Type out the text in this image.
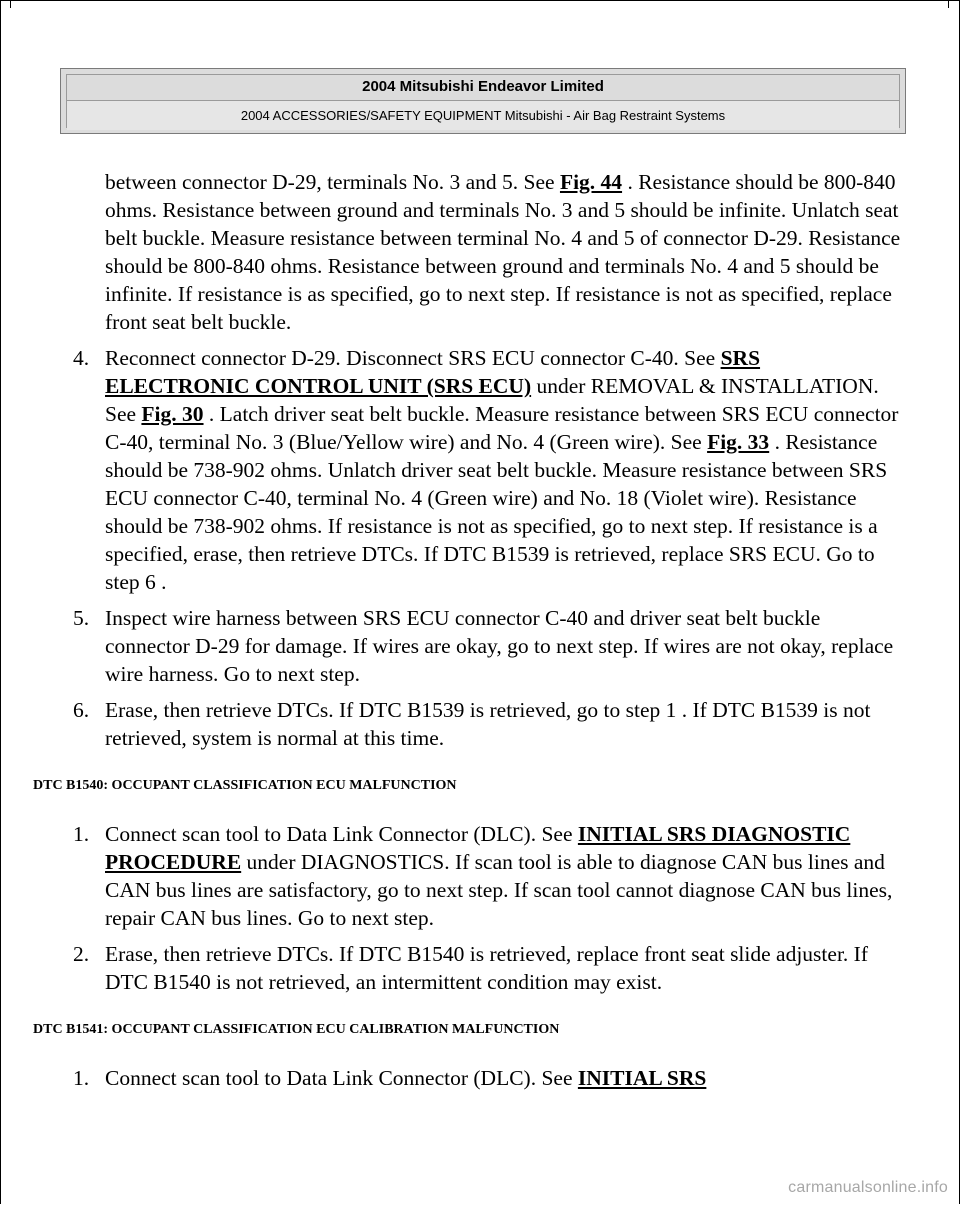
2004 Mitsubishi Endeavor Limited
2004 ACCESSORIES/SAFETY EQUIPMENT Mitsubishi - Air Bag Restraint Systems

between connector D-29, terminals No. 3 and 5. See Fig. 44 . Resistance should be 800-840 ohms. Resistance between ground and terminals No. 3 and 5 should be infinite. Unlatch seat belt buckle. Measure resistance between terminal No. 4 and 5 of connector D-29. Resistance should be 800-840 ohms. Resistance between ground and terminals No. 4 and 5 should be infinite. If resistance is as specified, go to next step. If resistance is not as specified, replace front seat belt buckle.

4. Reconnect connector D-29. Disconnect SRS ECU connector C-40. See SRS ELECTRONIC CONTROL UNIT (SRS ECU) under REMOVAL & INSTALLATION. See Fig. 30 . Latch driver seat belt buckle. Measure resistance between SRS ECU connector C-40, terminal No. 3 (Blue/Yellow wire) and No. 4 (Green wire). See Fig. 33 . Resistance should be 738-902 ohms. Unlatch driver seat belt buckle. Measure resistance between SRS ECU connector C-40, terminal No. 4 (Green wire) and No. 18 (Violet wire). Resistance should be 738-902 ohms. If resistance is not as specified, go to next step. If resistance is a specified, erase, then retrieve DTCs. If DTC B1539 is retrieved, replace SRS ECU. Go to step 6 .
5. Inspect wire harness between SRS ECU connector C-40 and driver seat belt buckle connector D-29 for damage. If wires are okay, go to next step. If wires are not okay, replace wire harness. Go to next step.
6. Erase, then retrieve DTCs. If DTC B1539 is retrieved, go to step 1 . If DTC B1539 is not retrieved, system is normal at this time.
DTC B1540: OCCUPANT CLASSIFICATION ECU MALFUNCTION
1. Connect scan tool to Data Link Connector (DLC). See INITIAL SRS DIAGNOSTIC PROCEDURE under DIAGNOSTICS. If scan tool is able to diagnose CAN bus lines and CAN bus lines are satisfactory, go to next step. If scan tool cannot diagnose CAN bus lines, repair CAN bus lines. Go to next step.
2. Erase, then retrieve DTCs. If DTC B1540 is retrieved, replace front seat slide adjuster. If DTC B1540 is not retrieved, an intermittent condition may exist.
DTC B1541: OCCUPANT CLASSIFICATION ECU CALIBRATION MALFUNCTION
1. Connect scan tool to Data Link Connector (DLC). See INITIAL SRS
carmanualsonline.info
